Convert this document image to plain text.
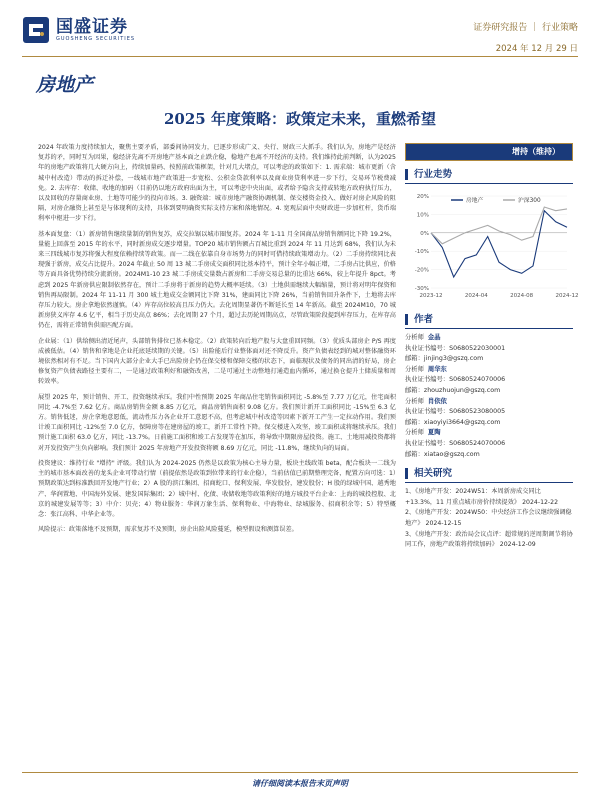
国盛证券
GUOSHENG SECURITIES
证券研究报告 ｜ 行业策略
2024 年 12 月 29 日
房地产
2025 年度策略：政策定未来，重燃希望

2024 年政策力度持续加大，聚焦主要矛盾，部委间协同发力，已逐步形成广义、央行、财政三大抓手。我们认为，房地产是经济复苏的矛，同时互为因果，稳经济先离不开房地产基本面之止跌企稳，稳地产也离不开经济的支持。我们维持此前判断，认为2025年的房地产政策将几大硬方向上，持续加量码、按照前政策框架，针对几大堵点，可以考虑的政策如下：1. 需求端：城市更新（含城中村改造）带动的拆迁补偿，一线城市地产政策进一步宽松、公积金贷款利率以及商业房贷利率进一步下行，交易环节税费减免。2. 去库存：收储、收地的加码（目前仍以地方政府出面为主，可以考虑中央出面，或者给予隐含支持或转地方政府执行压力，以及回收的存量商业房、土地等可能少的投向市场。3. 融资端：城市房地产融资协调机制、保交楼资金投入、做好对房企风险的阻隔，对房企融资上甚至是与体现利的支持，具体到要明确资实际支持方案和落地情况。4. 宽观层面中央财政进一步加杠杆，货币端利率中枢进一步下行。

基本面复盘：（1）新房销售继续量制的销售复苏，成交拉锯以城市圈复苏。2024 年 1-11 月全国商品房销售额同比下降 19.2%，量能上回落至 2015 年的水平，同时新房成交逐步增量。TOP20 城市销售额占百城比重到 2024 年 11 月达到 68%，我们认为未来三四线城市复苏将强大程度依赖持续等政策。而一二线在依靠自身市场势力的同时可借持续政策增动力。（2）二手房持续同比表现强于新房，成交占比提升。2024 年截止 50 周 13 城二手房成交面积同比基本持平，预计全年小幅正增，二手房占比供应，价格等方面具备优势持续分流新房。2024M1-10 23 城二手房成交量数占新房和二手房交易总量的比重达 66%，较上年提升 8pct。考虑到 2025 年新房供应限制依然存在，预计二手房将于新房的趋势大概率延续。（3）土地供需继续大幅缩量，预计将对明年保资和销售再局限制。2024 年 11-11 月 300 城土地成交金额同比下降 31%，建面同比下降 26%，当前销售回升条件下，土地将去库存压力较大。房企拿地依然谨慎。（4）库存高位较高且压力仍大。去化周期显著仍不断延长至 14 年新高。截至 2024M10，70 城新房狭义库存 4.6 亿平，相当于历史高点 86%；去化周期 27 个月，超过去历轮周期高点，尽管政策阶段提到库存压力，在库存高仍在，需将正常销售供需匹配方面。

企业展：（1）供给侧出清近尾声，头部销售排位已基本稳定。（2）政策转向后地产股与大盘重回同频。（3）优质头部房企 P/S 再度成被低估。（4）销售和拿地是企业托底延续期的关键。（5）出险能后行业整体面对还不降反升。资产负债表经到的城对整体融资环境依然相对有不足。当下国内大部分企业大手已出险房企仍在保交楼和保障交楼的状态下，面临现状及债务的同出清的好局，房企修复资产负债表路径主要有二，一是通过政策利好和融资改善，二是可通过主动整地打通造血内循环，通过换仓提升土储质量和周转效率。

展望 2025 年，预计销售、开工、投资继续承压。我们中性预期 2025 年商品住宅销售面积同比 -5.8%至 7.77 万亿元，住宅面积同比 -4.7%至 7.62 亿方。商品房销售金额 8.85 万亿元，商品房销售面积 9.08 亿方。我们预计新开工面积同比 -15%至 6.3 亿方。销售低迷，房企拿地意愿低，流动性压力各企业开工意愿不高，但考虑城中村改造等因素下新开工产生一定拉动作用。我们预计竣工面积同比 -12%至 7.0 亿方，保障房等在建房屋的竣工，新开工常性下降。保交楼进入攻坚，竣工面积或将继续承压。我们预计施工面积 63.0 亿方，同比 -13.7%。日前施工面积和竣工占发现等在加压，将导致中期限房屋投资。施工、土地用减投资都将对开发投资产生负向影响。我们预计 2025 年房地产开发投资将额 8.69 万亿元，同比 -11.8%，继续负向的局面。

投资建议：维持行业 "增持" 评级。我们认为 2024-2025 仍然是以政策为核心主导力量，板块主线政策 beta，配合板块一二线为主的城市基本面改善的龙头企业可带动行情（前提依然是政策到位带来的行业企稳），当前估值已前期整理完备，配置方向可选：1）预期政策达到标准跌回开发地产行业；2）A 股的滨江集团、招商蛇口、保利发展、华发股份，建发股份；H 股的绿城中国、越秀地产、华润置地、中国海外发展、建发国际集团；2）城中村、化债、收储收地等政策利好的地方城投平台企业：上海的城投控股、北京的城建发展等等；3）中介：贝壳；4）物业服务：华润万象生活、保利物业、中海物业、绿城服务、招商积余等；5）特型概念：张江高科、中华企业等。

风险提示：政策落地不及预期，需求复苏不及预期，房企出险风险蔓延，模型假设和测算误差。

增持（维持）
行业走势
20%
10%
0%
-10%
-20%
-30%
2023-12	2024-04	2024-08	2024-12
房地产	沪深300
作者
分析师 金晶
执业证书编号：S0680522030001
邮箱：jinjing3@gszq.com
分析师 周华东
执业证书编号：S0680524070006
邮箱：zhouzhuojun@gszq.com
分析师 肖依依
执业证书编号：S0680523080005
邮箱：xiaoyiyi3664@gszq.com
分析师 夏陶
执业证书编号：S0680524070006
邮箱：xiatao@gszq.com
相关研究
1、《房地产开发：2024W51：本周新房成交同比 +13.3%，11 月重点城市房价持续提效》 2024-12-22
2、《房地产开发：2024W50：中央经济工作会议继续强调稳地产》 2024-12-15
3、《房地产开发：政治局会议点评：超常规的逆周期调节将协同工作，房地产政策将持续加码》 2024-12-09
请仔细阅读本报告末页声明
